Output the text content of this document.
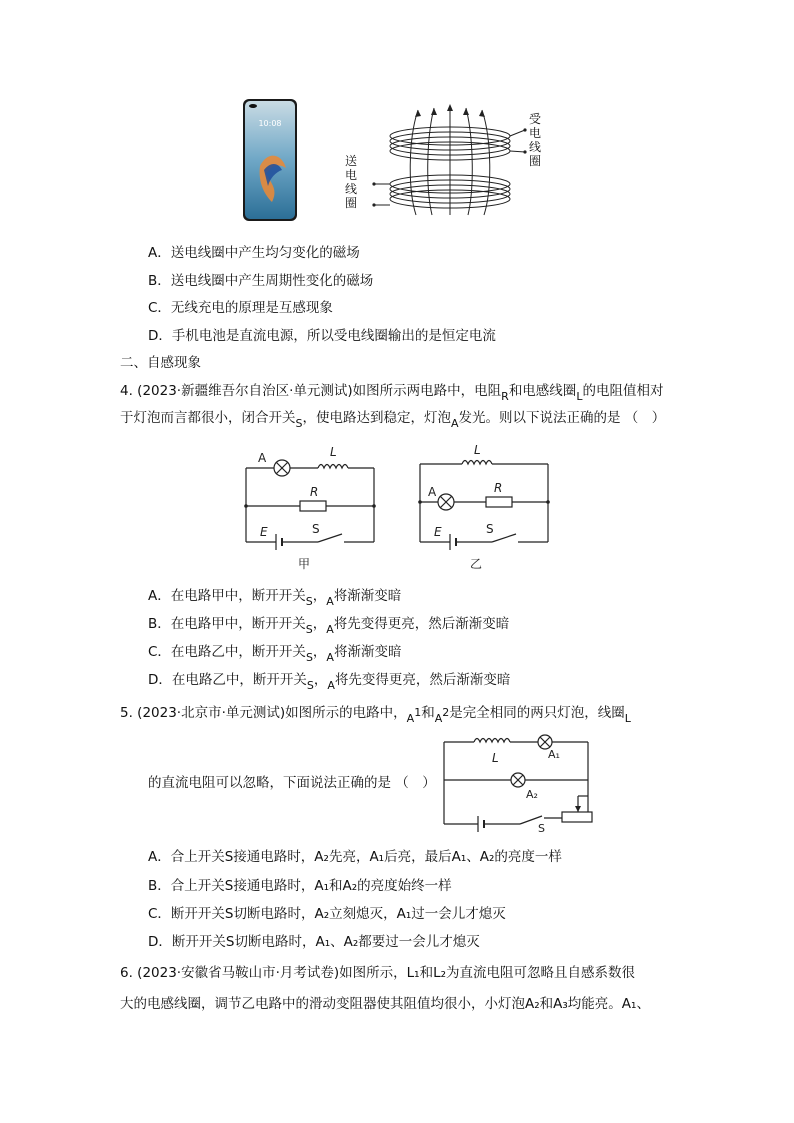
10:08	受
电
线
圈
送
电
线
圈
A．送电线圈中产生均匀变化的磁场
B．送电线圈中产生周期性变化的磁场
C．无线充电的原理是互感现象
D．手机电池是直流电源，所以受电线圈输出的是恒定电流
二、自感现象
4. (2023·新疆维吾尔自治区·单元测试)如图所示两电路中，电阻$_R$和电感线圈$_L$的电阻值相对
于灯泡而言都很小，闭合开关$_S$，使电路达到稳定，灯泡$_A$发光。则以下说法正确的是 （　）
A	L
R
E	S
甲
A
L
R
E	S
乙
A．在电路甲中，断开开关$_S$，$_A$将渐渐变暗
B．在电路甲中，断开开关$_S$，$_A$将先变得更亮，然后渐渐变暗
C．在电路乙中，断开开关$_S$，$_A$将渐渐变暗
D．在电路乙中，断开开关$_S$，$_A$将先变得更亮，然后渐渐变暗
5. (2023·北京市·单元测试)如图所示的电路中，$_A$1和$_A$2是完全相同的两只灯泡，线圈$_L$
L	A₁
A₂
S
的直流电阻可以忽略，下面说法正确的是 （　）
A．合上开关S接通电路时，A₂先亮，A₁后亮，最后A₁、A₂的亮度一样
B．合上开关S接通电路时，A₁和A₂的亮度始终一样
C．断开开关S切断电路时，A₂立刻熄灭，A₁过一会儿才熄灭
D．断开开关S切断电路时，A₁、A₂都要过一会儿才熄灭
6. (2023·安徽省马鞍山市·月考试卷)如图所示，L₁和L₂为直流电阻可忽略且自感系数很
大的电感线圈，调节乙电路中的滑动变阻器使其阻值均很小，小灯泡A₂和A₃均能亮。A₁、
